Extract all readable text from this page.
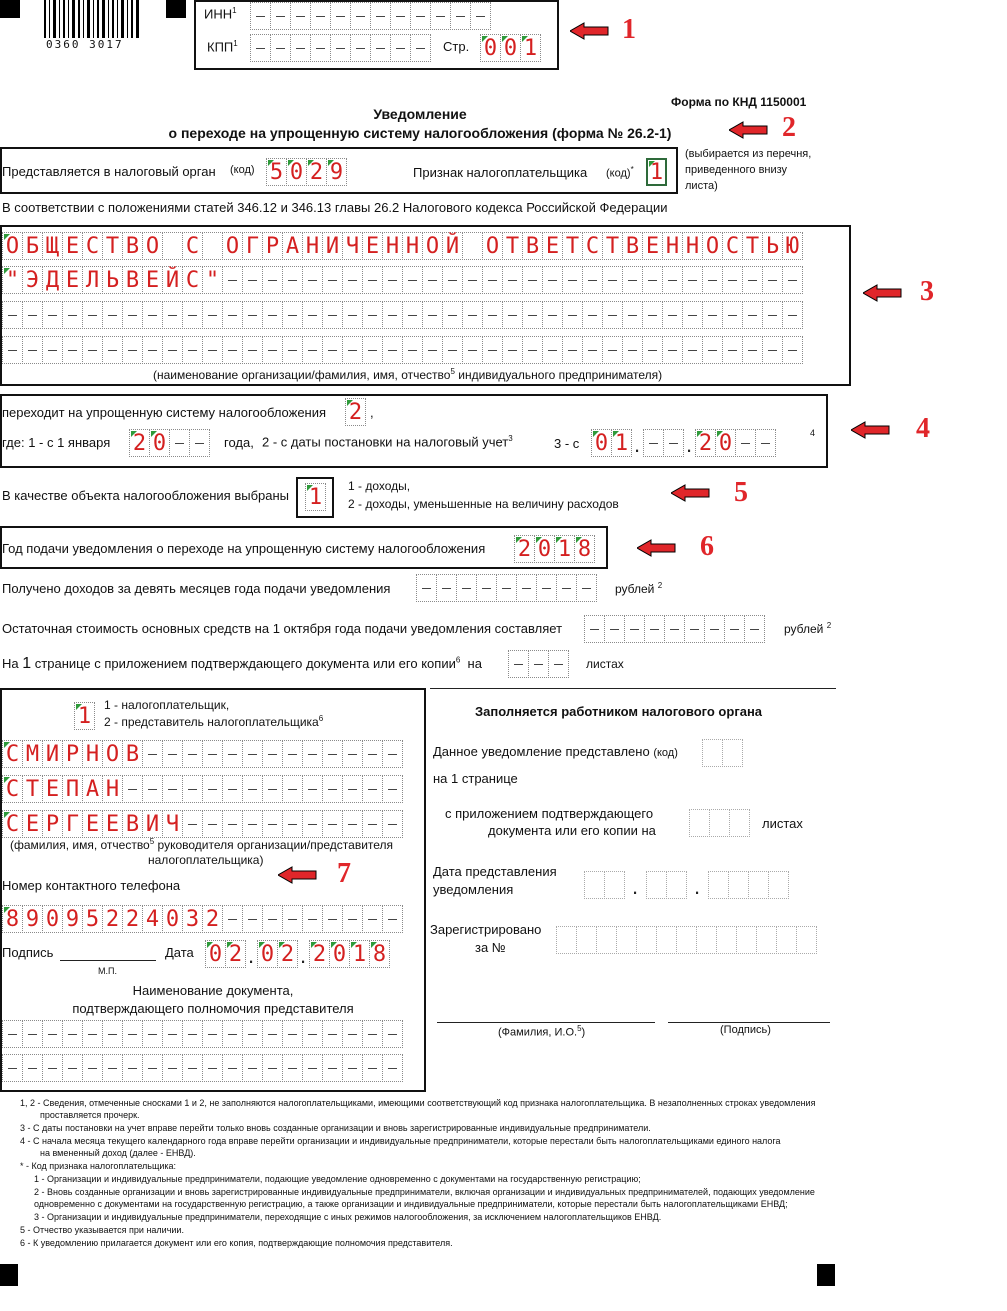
0360 3017
ИНН$^1$
КПП$^1$	Стр. 0 0 1
Форма по КНД 1150001
Уведомление
о переходе на упрощенную систему налогообложения (форма № 26.2-1)
Представляется в налоговый орган	(код) 5 0 2 9	Признак налогоплательщика (код)* 1
(выбирается из перечня,
приведенного внизу
листа)
В соответствии с положениями статей 346.12 и 346.13 главы 26.2 Налогового кодекса Российской Федерации
О Б Щ Е С Т В О С О Г Р А Н И Ч Е Н Н О Й О Т В Е Т С Т В Е Н Н О С Т Ь Ю
" Э Д Е Л Ь В Е Й С "
(наименование организации/фамилия, имя, отчество$^5$ индивидуального предпринимателя)
переходит на упрощенную систему налогообложения 2 ,
где: 1 - с 1 января 2 0	года, 2 - с даты постановки на налоговый учет$^3$	3 - с 0 1 . . 2 0	4
В качестве объекта налогообложения выбраны 1	1 - доходы,
2 - доходы, уменьшенные на величину расходов
Год подачи уведомления о переходе на упрощенную систему налогообложения 2 0 1 8
Получено доходов за девять месяцев года подачи уведомления	рублей $^2$
Остаточная стоимость основных средств на 1 октября года подачи уведомления составляет	рублей $^2$
На 1 странице с приложением подтверждающего документа или его копии$^6$ на	листах
1	1 - налогоплательщик,
2 - представитель налогоплательщика$^6$
С М И Р Н О В
С Т Е П А Н
С Е Р Г Е Е В И Ч
(фамилия, имя, отчество$^5$ руководителя организации/представителя
налогоплательщика)
Номер контактного телефона
8 9 0 9 5 2 2 4 0 3 2
Подпись
М.П.
Дата 0 2 . 0 2 . 2 0 1 8
Наименование документа,
подтверждающего полномочия представителя
Заполняется работником налогового органа
Данное уведомление представлено (код)
на 1 странице
с приложением подтверждающего
документа или его копии на	листах
Дата представления
уведомления	.	.
Зарегистрировано
за №
(Фамилия, И.О.$^5$)	(Подпись)
1
2
3
4
5
6
7
1, 2 - Сведения, отмеченные сносками 1 и 2, не заполняются налогоплательщиками, имеющими соответствующий код признака налогоплательщика. В незаполненных строках уведомления
проставляется прочерк.
3 - С даты постановки на учет вправе перейти только вновь созданные организации и вновь зарегистрированные индивидуальные предприниматели.
4 - С начала месяца текущего календарного года вправе перейти организации и индивидуальные предприниматели, которые перестали быть налогоплательщиками единого налога
на вмененный доход (далее - ЕНВД).
* - Код признака налогоплательщика:
1 - Организации и индивидуальные предприниматели, подающие уведомление одновременно с документами на государственную регистрацию;
2 - Вновь созданные организации и вновь зарегистрированные индивидуальные предприниматели, включая организации и индивидуальных предпринимателей, подающих уведомление
одновременно с документами на государственную регистрацию, а также организации и индивидуальные предприниматели, которые перестали быть налогоплательщиками ЕНВД;
3 - Организации и индивидуальные предприниматели, переходящие с иных режимов налогообложения, за исключением налогоплательщиков ЕНВД.
5 - Отчество указывается при наличии.
6 - К уведомлению прилагается документ или его копия, подтверждающие полномочия представителя.
